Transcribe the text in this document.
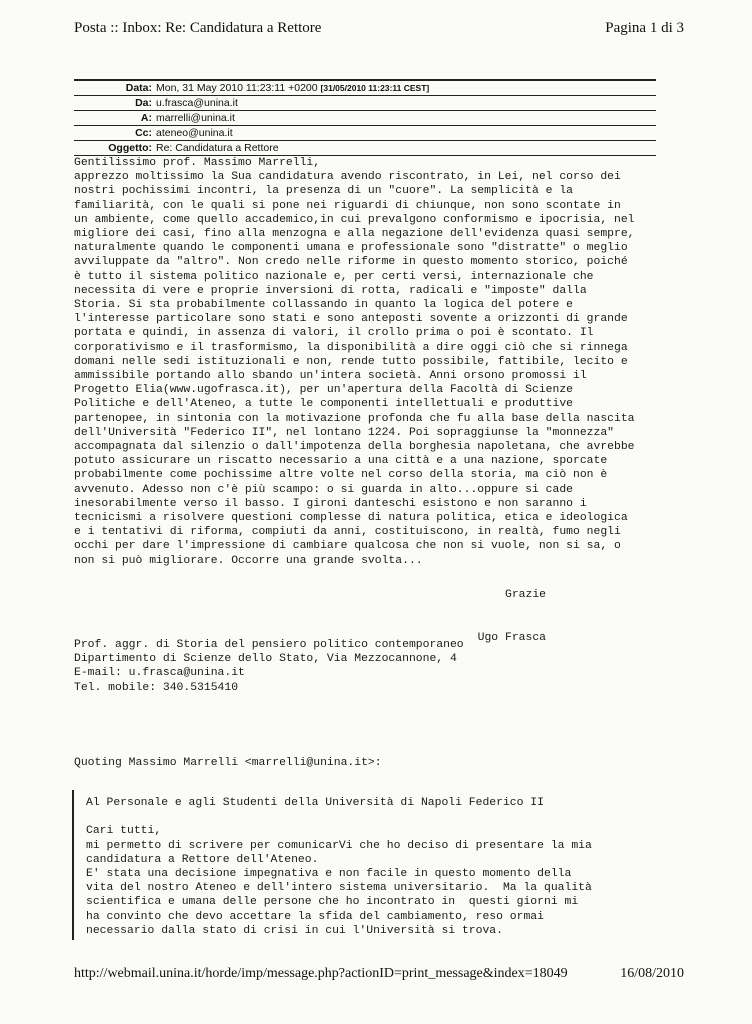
Posta :: Inbox: Re: Candidatura a Rettore	Pagina 1 di 3
Data: Mon, 31 May 2010 11:23:11 +0200 [31/05/2010 11:23:11 CEST]
Da: u.frasca@unina.it
A: marrelli@unina.it
Cc: ateneo@unina.it
Oggetto: Re: Candidatura a Rettore
Gentilissimo prof. Massimo Marrelli,
apprezzo moltissimo la Sua candidatura avendo riscontrato, in Lei, nel corso dei
nostri pochissimi incontri, la presenza di un "cuore". La semplicità e la
familiarità, con le quali si pone nei riguardi di chiunque, non sono scontate in
un ambiente, come quello accademico,in cui prevalgono conformismo e ipocrisia, nel
migliore dei casi, fino alla menzogna e alla negazione dell'evidenza quasi sempre,
naturalmente quando le componenti umana e professionale sono "distratte" o meglio
avviluppate da "altro". Non credo nelle riforme in questo momento storico, poiché
è tutto il sistema politico nazionale e, per certi versi, internazionale che
necessita di vere e proprie inversioni di rotta, radicali e "imposte" dalla
Storia. Si sta probabilmente collassando in quanto la logica del potere e
l'interesse particolare sono stati e sono anteposti sovente a orizzonti di grande
portata e quindi, in assenza di valori, il crollo prima o poi è scontato. Il
corporativismo e il trasformismo, la disponibilità a dire oggi ciò che si rinnega
domani nelle sedi istituzionali e non, rende tutto possibile, fattibile, lecito e
ammissibile portando allo sbando un'intera società. Anni orsono promossi il
Progetto Elia(www.ugofrasca.it), per un'apertura della Facoltà di Scienze
Politiche e dell'Ateneo, a tutte le componenti intellettuali e produttive
partenopee, in sintonia con la motivazione profonda che fu alla base della nascita
dell'Università "Federico II", nel lontano 1224. Poi sopraggiunse la "monnezza"
accompagnata dal silenzio o dall'impotenza della borghesia napoletana, che avrebbe
potuto assicurare un riscatto necessario a una città e a una nazione, sporcate
probabilmente come pochissime altre volte nel corso della storia, ma ciò non è
avvenuto. Adesso non c'è più scampo: o si guarda in alto...oppure si cade
inesorabilmente verso il basso. I gironi danteschi esistono e non saranno i
tecnicismi a risolvere questioni complesse di natura politica, etica e ideologica
e i tentativi di riforma, compiuti da anni, costituiscono, in realtà, fumo negli
occhi per dare l'impressione di cambiare qualcosa che non si vuole, non si sa, o
non si può migliorare. Occorre una grande svolta...

Grazie

Ugo Frasca

Prof. aggr. di Storia del pensiero politico contemporaneo
Dipartimento di Scienze dello Stato, Via Mezzocannone, 4
E-mail: u.frasca@unina.it
Tel. mobile: 340.5315410
Quoting Massimo Marrelli <marrelli@unina.it>:
Al Personale e agli Studenti della Università di Napoli Federico II

Cari tutti,
mi permetto di scrivere per comunicarVi che ho deciso di presentare la mia
candidatura a Rettore dell'Ateneo.
E' stata una decisione impegnativa e non facile in questo momento della
vita del nostro Ateneo e dell'intero sistema universitario.  Ma la qualità
scientifica e umana delle persone che ho incontrato in  questi giorni mi
ha convinto che devo accettare la sfida del cambiamento, reso ormai
necessario dalla stato di crisi in cui l'Università si trova.
http://webmail.unina.it/horde/imp/message.php?actionID=print_message&index=18049	16/08/2010
